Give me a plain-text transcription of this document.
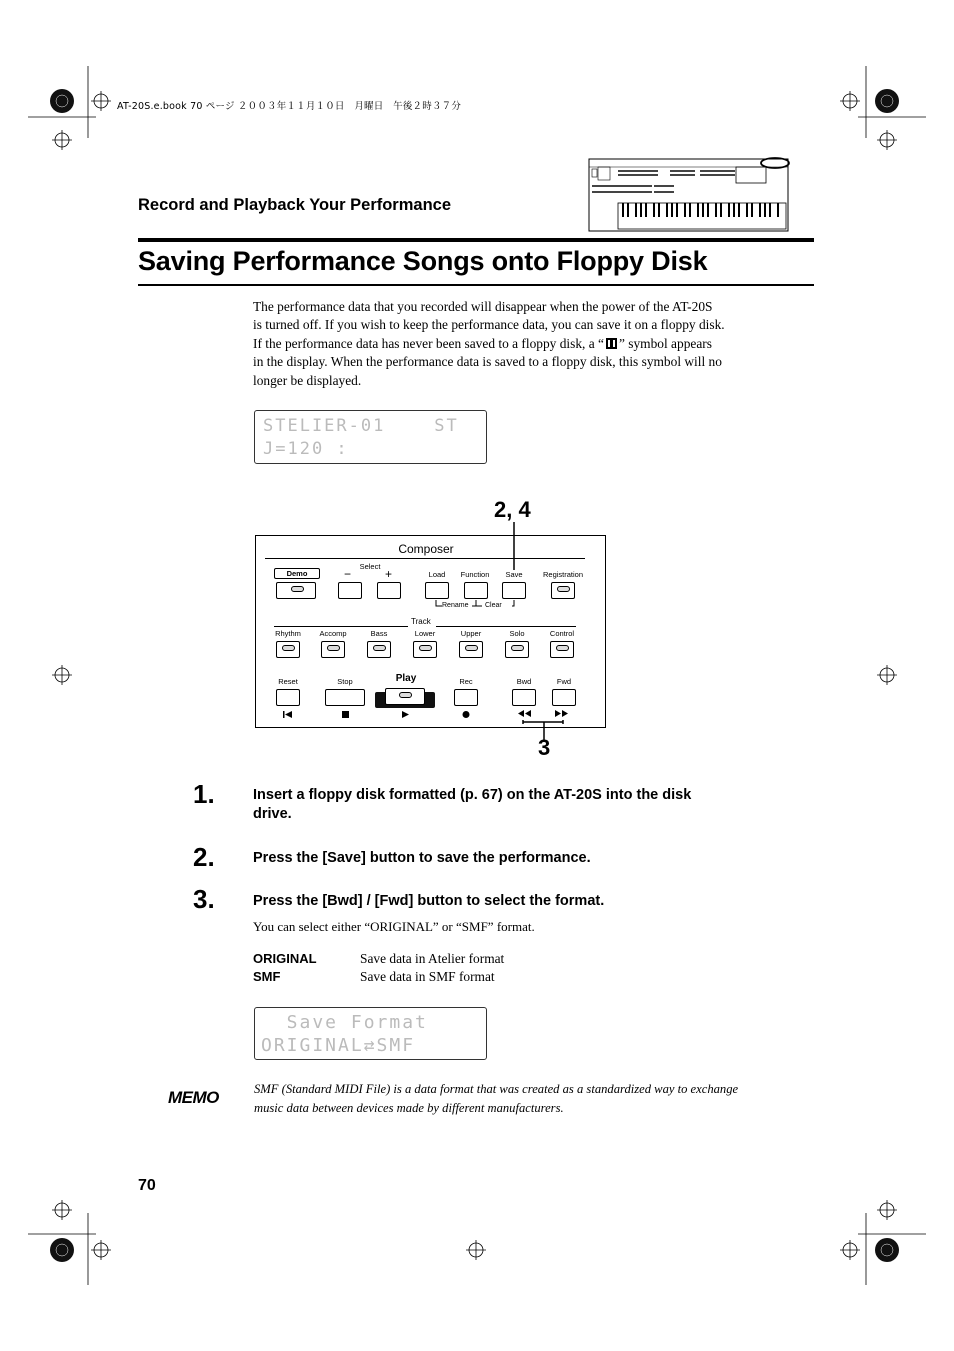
AT-20S.e.book 70 ページ ２００３年１１月１０日　月曜日　午後２時３７分
Record and Playback Your Performance
Saving Performance Songs onto Floppy Disk
The performance data that you recorded will disappear when the power of the AT-20S
is turned off. If you wish to keep the performance data, you can save it on a floppy disk.
If the performance data has never been saved to a floppy disk, a “ ” symbol appears
in the display. When the performance data is saved to a floppy disk, this symbol will no
longer be displayed.
STELIER-01    ST
J=120 :
2, 4
Composer
Demo
Select
−	+	Load	Function	Save	Registration
Rename Clear
Track
Rhythm	Accomp	Bass	Lower	Upper	Solo	Control
Reset	Stop	Play	Rec	Bwd	Fwd
3
1.	Insert a floppy disk formatted (p. 67) on the AT-20S into the disk
drive.
2.	Press the [Save] button to save the performance.
3.	Press the [Bwd] / [Fwd] button to select the format.
You can select either “ORIGINAL” or “SMF” format.
ORIGINAL	Save data in Atelier format
SMF	Save data in SMF format
Save Format
ORIGINAL⇄SMF
MEMO	SMF (Standard MIDI File) is a data format that was created as a standardized way to exchange
music data between devices made by different manufacturers.
70
